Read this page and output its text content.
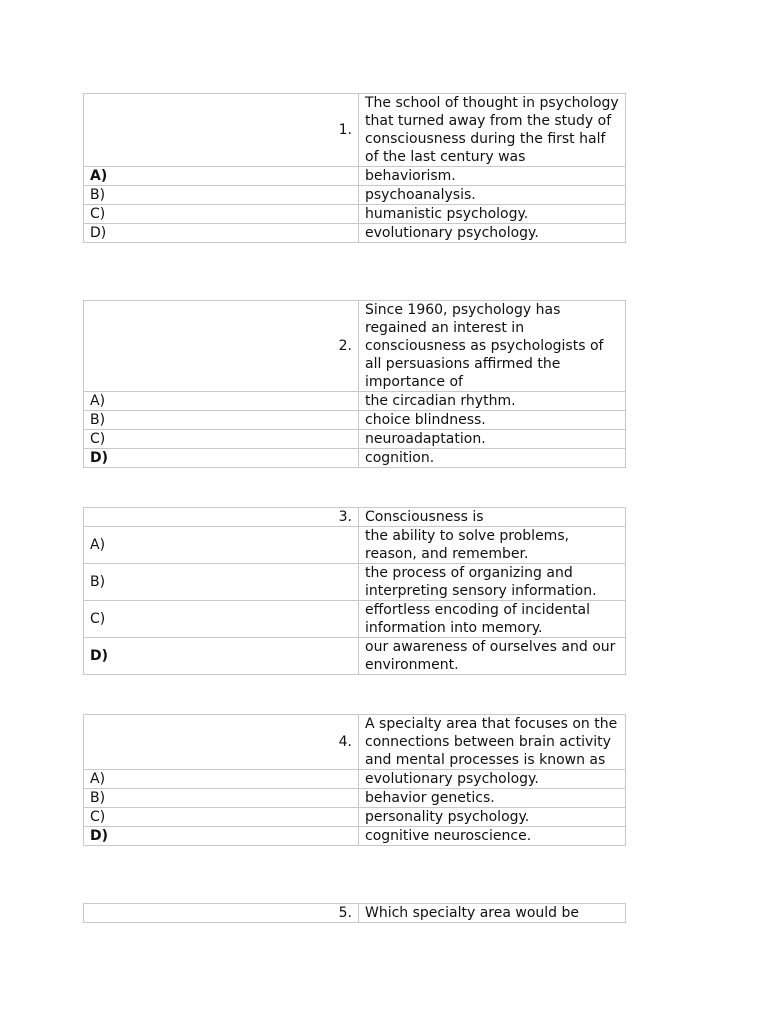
1.	The school of thought in psychology that turned away from the study of consciousness during the first half of the last century was
A)	behaviorism.
B)	psychoanalysis.
C)	humanistic psychology.
D)	evolutionary psychology.
2.	Since 1960, psychology has regained an interest in consciousness as psychologists of all persuasions affirmed the importance of
A)	the circadian rhythm.
B)	choice blindness.
C)	neuroadaptation.
D)	cognition.
3.	Consciousness is
A)	the ability to solve problems, reason, and remember.
B)	the process of organizing and interpreting sensory information.
C)	effortless encoding of incidental information into memory.
D)	our awareness of ourselves and our environment.
4.	A specialty area that focuses on the connections between brain activity and mental processes is known as
A)	evolutionary psychology.
B)	behavior genetics.
C)	personality psychology.
D)	cognitive neuroscience.
5.	Which specialty area would be
